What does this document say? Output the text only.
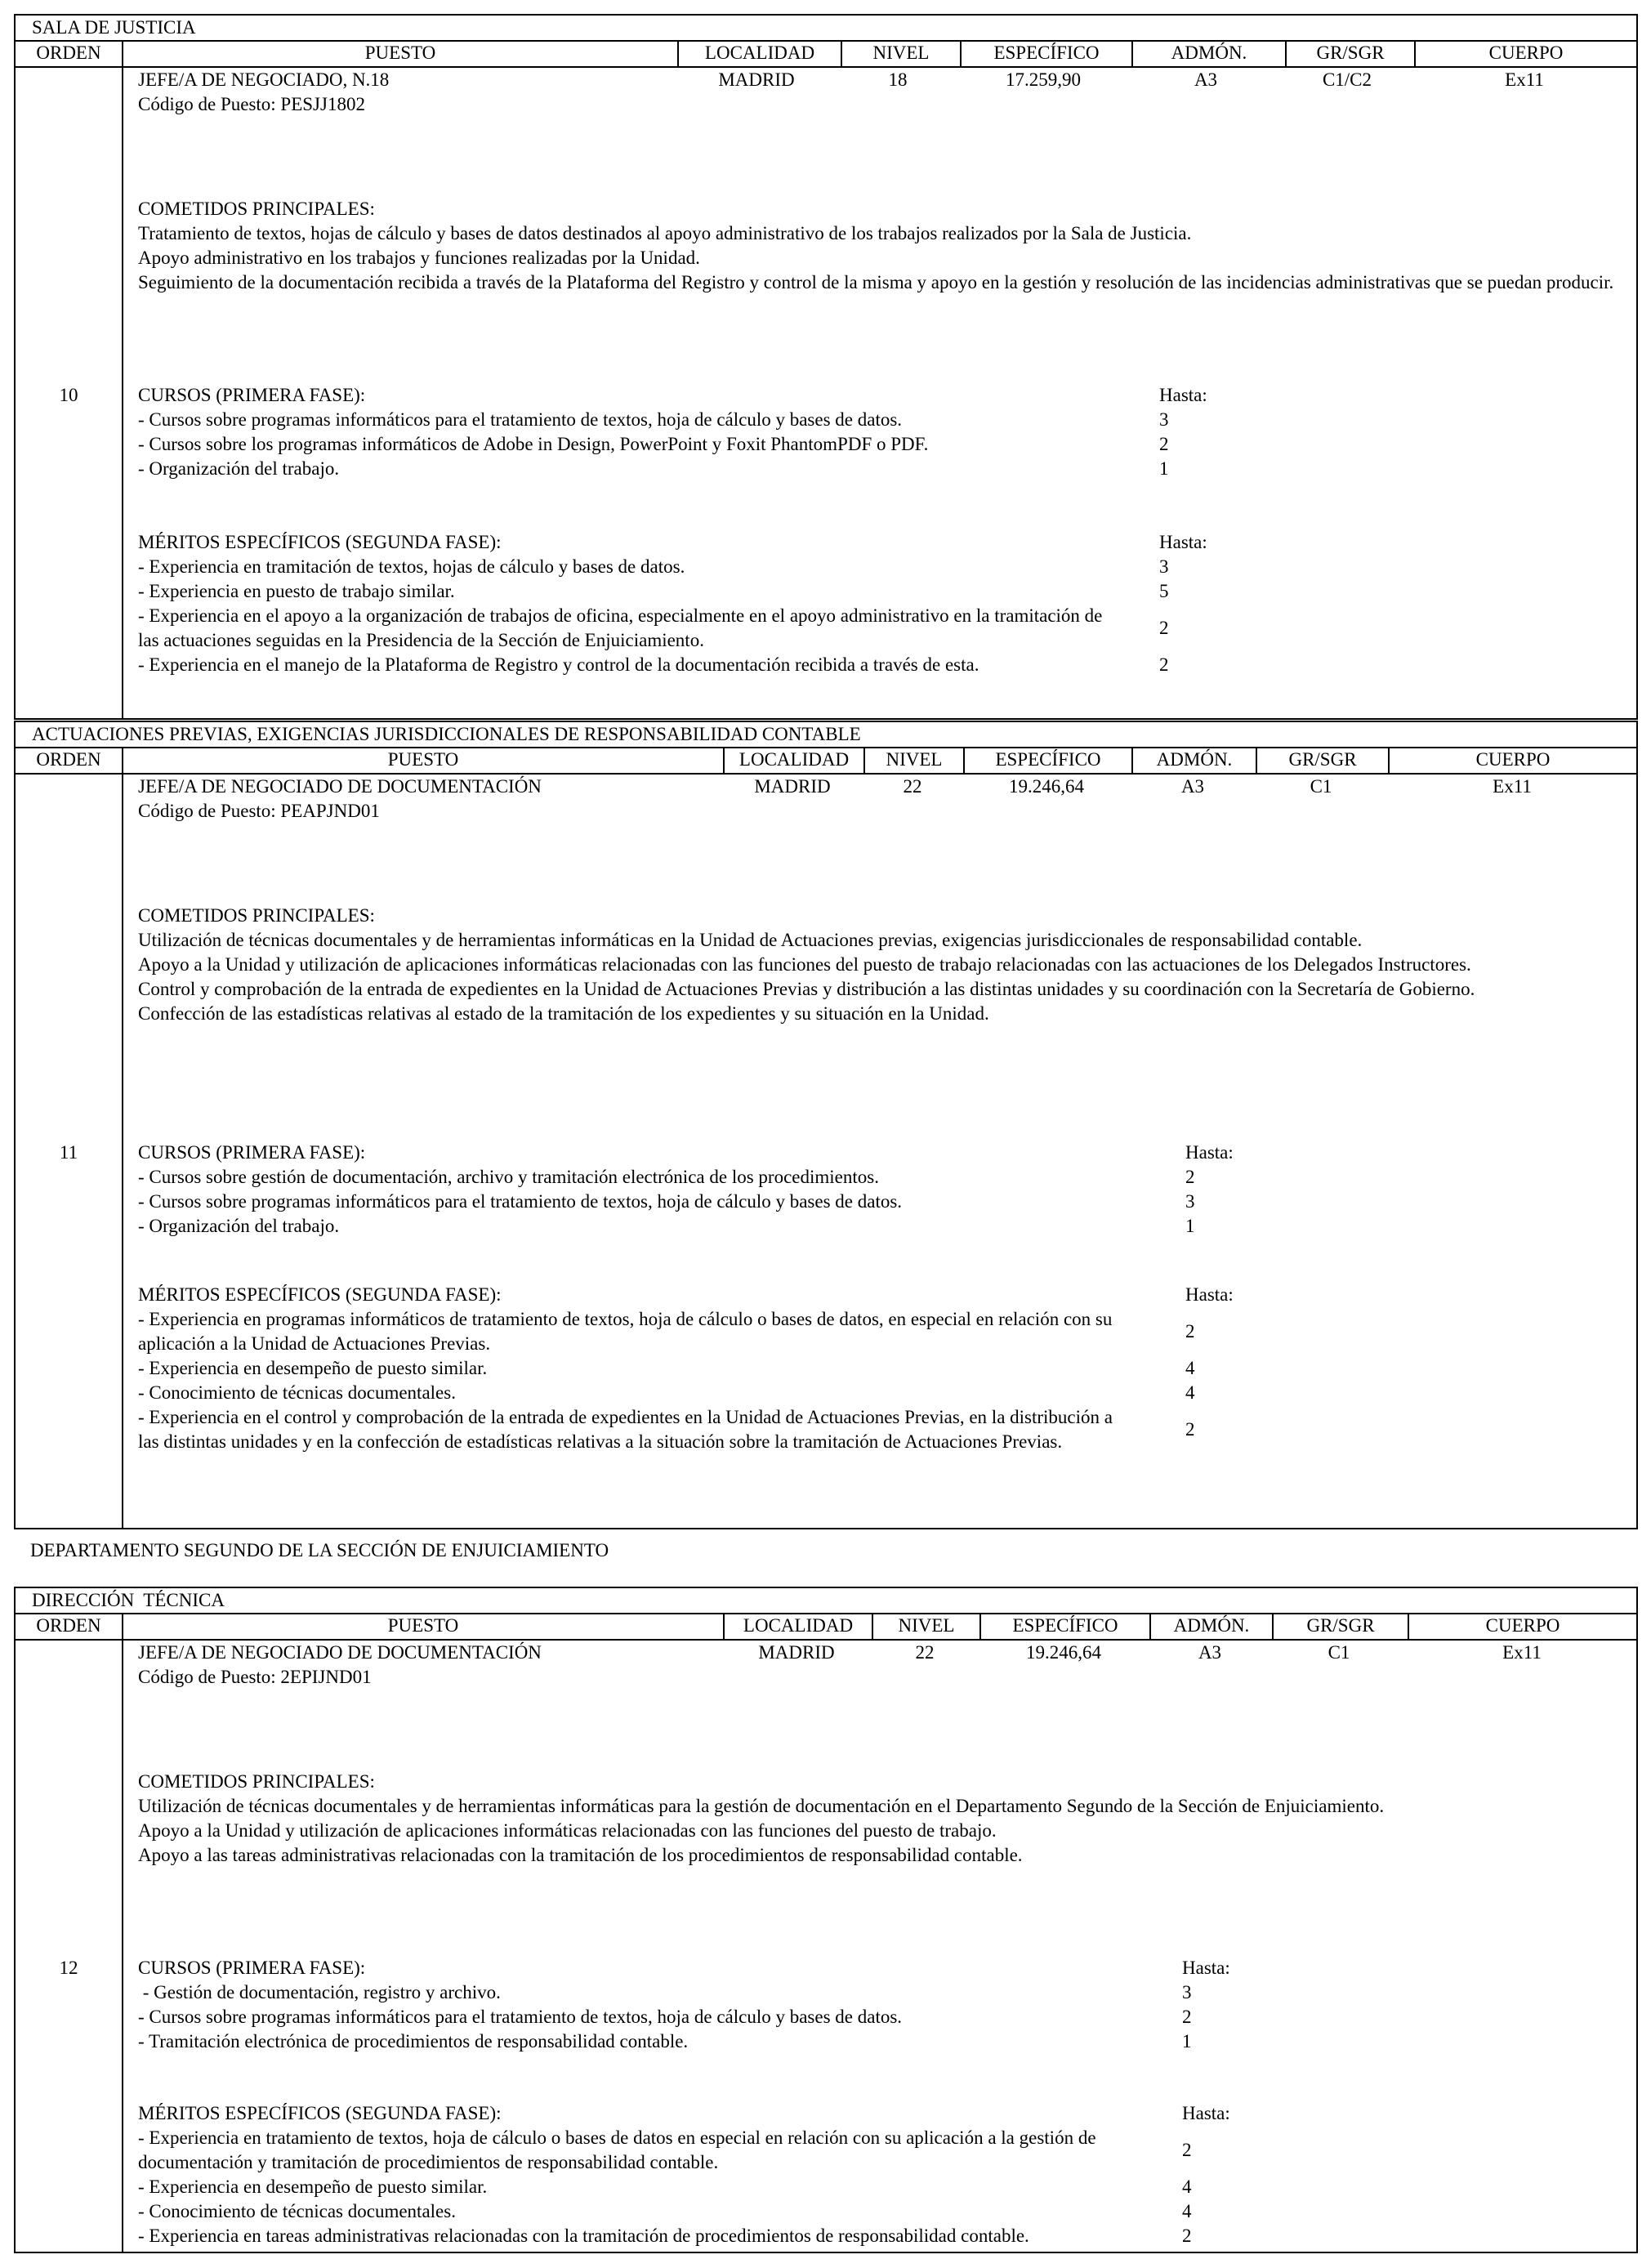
SALA DE JUSTICIA
ORDEN	PUESTO	LOCALIDAD	NIVEL	ESPECÍFICO	ADMÓN.	GR/SGR	CUERPO
10
JEFE/A DE NEGOCIADO, N.18	MADRID	18	17.259,90	A3	C1/C2	Ex11
Código de Puesto: PESJJ1802
COMETIDOS PRINCIPALES:
Tratamiento de textos, hojas de cálculo y bases de datos destinados al apoyo administrativo de los trabajos realizados por la Sala de Justicia.
Apoyo administrativo en los trabajos y funciones realizadas por la Unidad.
Seguimiento de la documentación recibida a través de la Plataforma del Registro y control de la misma y apoyo en la gestión y resolución de las incidencias administrativas que se puedan producir.
CURSOS (PRIMERA FASE):	Hasta:
- Cursos sobre programas informáticos para el tratamiento de textos, hoja de cálculo y bases de datos.	3
- Cursos sobre los programas informáticos de Adobe in Design, PowerPoint y Foxit PhantomPDF o PDF.	2
- Organización del trabajo.	1
MÉRITOS ESPECÍFICOS (SEGUNDA FASE):	Hasta:
- Experiencia en tramitación de textos, hojas de cálculo y bases de datos.	3
- Experiencia en puesto de trabajo similar.	5
- Experiencia en el apoyo a la organización de trabajos de oficina, especialmente en el apoyo administrativo en la tramitación de las actuaciones seguidas en la Presidencia de la Sección de Enjuiciamiento.
2
- Experiencia en el manejo de la Plataforma de Registro y control de la documentación recibida a través de esta.	2
ACTUACIONES PREVIAS, EXIGENCIAS JURISDICCIONALES DE RESPONSABILIDAD CONTABLE
ORDEN	PUESTO	LOCALIDAD	NIVEL	ESPECÍFICO	ADMÓN.	GR/SGR	CUERPO
11
JEFE/A DE NEGOCIADO DE DOCUMENTACIÓN	MADRID	22	19.246,64	A3	C1	Ex11
Código de Puesto: PEAPJND01
COMETIDOS PRINCIPALES:
Utilización de técnicas documentales y de herramientas informáticas en la Unidad de Actuaciones previas, exigencias jurisdiccionales de responsabilidad contable.
Apoyo a la Unidad y utilización de aplicaciones informáticas relacionadas con las funciones del puesto de trabajo relacionadas con las actuaciones de los Delegados Instructores.
Control y comprobación de la entrada de expedientes en la Unidad de Actuaciones Previas y distribución a las distintas unidades y su coordinación con la Secretaría de Gobierno.
Confección de las estadísticas relativas al estado de la tramitación de los expedientes y su situación en la Unidad.
CURSOS (PRIMERA FASE):	Hasta:
- Cursos sobre gestión de documentación, archivo y tramitación electrónica de los procedimientos.	2
- Cursos sobre programas informáticos para el tratamiento de textos, hoja de cálculo y bases de datos.	3
- Organización del trabajo.	1
MÉRITOS ESPECÍFICOS (SEGUNDA FASE):	Hasta:
- Experiencia en programas informáticos de tratamiento de textos, hoja de cálculo o bases de datos, en especial en relación con su aplicación a la Unidad de Actuaciones Previas.
2
- Experiencia en desempeño de puesto similar.	4
- Conocimiento de técnicas documentales.	4
- Experiencia en el control y comprobación de la entrada de expedientes en la Unidad de Actuaciones Previas, en la distribución a las distintas unidades y en la confección de estadísticas relativas a la situación sobre la tramitación de Actuaciones Previas.
2
DEPARTAMENTO SEGUNDO DE LA SECCIÓN DE ENJUICIAMIENTO
DIRECCIÓN  TÉCNICA
ORDEN	PUESTO	LOCALIDAD	NIVEL	ESPECÍFICO	ADMÓN.	GR/SGR	CUERPO
12
JEFE/A DE NEGOCIADO DE DOCUMENTACIÓN	MADRID	22	19.246,64	A3	C1	Ex11
Código de Puesto: 2EPIJND01
COMETIDOS PRINCIPALES:
Utilización de técnicas documentales y de herramientas informáticas para la gestión de documentación en el Departamento Segundo de la Sección de Enjuiciamiento.
Apoyo a la Unidad y utilización de aplicaciones informáticas relacionadas con las funciones del puesto de trabajo.
Apoyo a las tareas administrativas relacionadas con la tramitación de los procedimientos de responsabilidad contable.
CURSOS (PRIMERA FASE):	Hasta:
- Gestión de documentación, registro y archivo.	3
- Cursos sobre programas informáticos para el tratamiento de textos, hoja de cálculo y bases de datos.	2
- Tramitación electrónica de procedimientos de responsabilidad contable.	1
MÉRITOS ESPECÍFICOS (SEGUNDA FASE):	Hasta:
- Experiencia en tratamiento de textos, hoja de cálculo o bases de datos en especial en relación con su aplicación a la gestión de documentación y tramitación de procedimientos de responsabilidad contable.
2
- Experiencia en desempeño de puesto similar.	4
- Conocimiento de técnicas documentales.	4
- Experiencia en tareas administrativas relacionadas con la tramitación de procedimientos de responsabilidad contable.	2
